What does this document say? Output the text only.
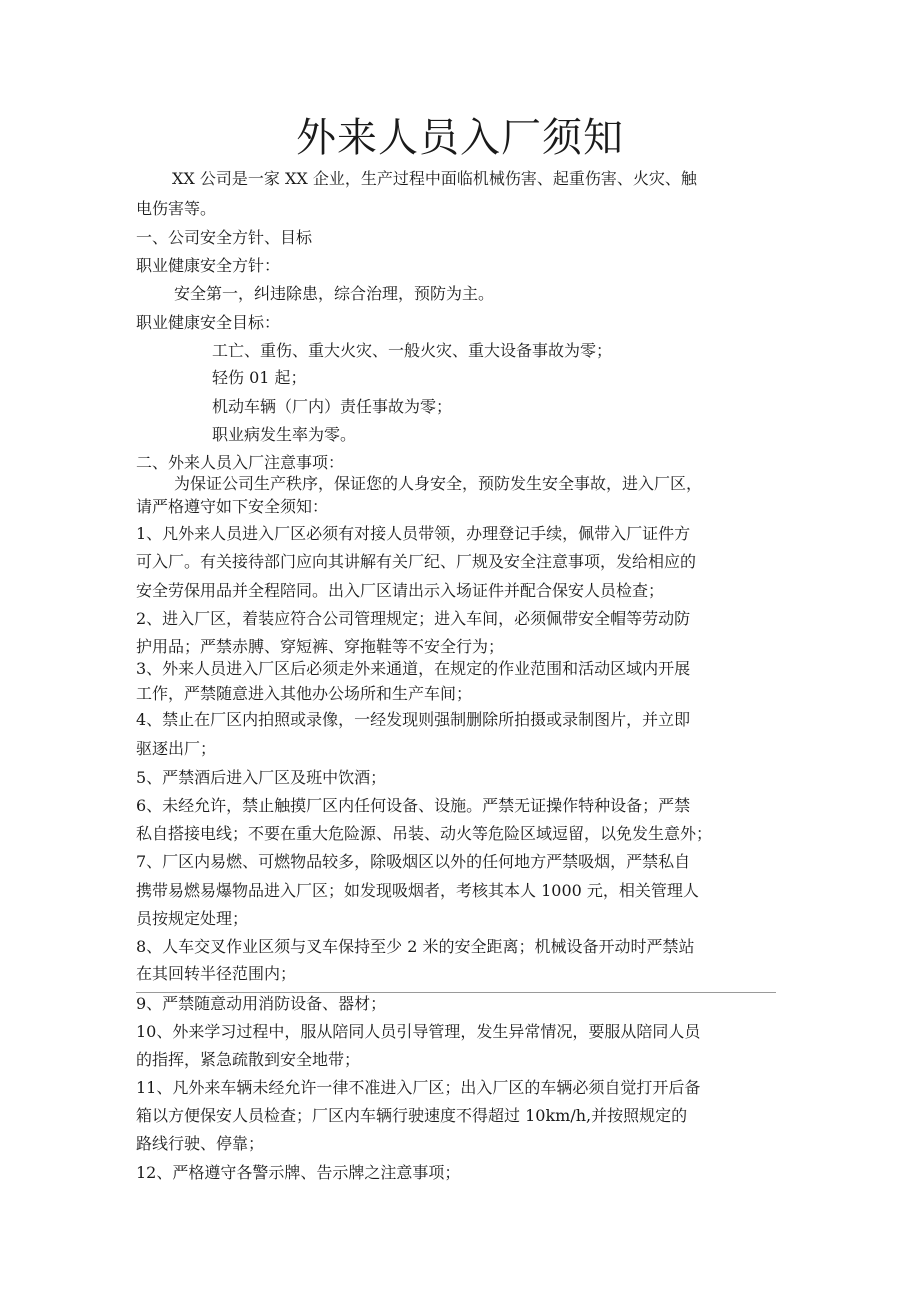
外来人员入厂须知

XX 公司是一家 XX 企业，生产过程中面临机械伤害、起重伤害、火灾、触

电伤害等。

一、公司安全方针、目标

职业健康安全方针：

安全第一，纠违除患，综合治理，预防为主。

职业健康安全目标：

工亡、重伤、重大火灾、一般火灾、重大设备事故为零；

轻伤 01 起；

机动车辆（厂内）责任事故为零；

职业病发生率为零。

二、外来人员入厂注意事项：

为保证公司生产秩序，保证您的人身安全，预防发生安全事故，进入厂区，

请严格遵守如下安全须知：

1、凡外来人员进入厂区必须有对接人员带领，办理登记手续，佩带入厂证件方

可入厂。有关接待部门应向其讲解有关厂纪、厂规及安全注意事项，发给相应的

安全劳保用品并全程陪同。出入厂区请出示入场证件并配合保安人员检查；

2、进入厂区，着装应符合公司管理规定；进入车间，必须佩带安全帽等劳动防

护用品；严禁赤膊、穿短裤、穿拖鞋等不安全行为；

3、外来人员进入厂区后必须走外来通道，在规定的作业范围和活动区域内开展

工作，严禁随意进入其他办公场所和生产车间；

4、禁止在厂区内拍照或录像，一经发现则强制删除所拍摄或录制图片，并立即

驱逐出厂；

5、严禁酒后进入厂区及班中饮酒；

6、未经允许，禁止触摸厂区内任何设备、设施。严禁无证操作特种设备；严禁

私自搭接电线；不要在重大危险源、吊装、动火等危险区域逗留，以免发生意外；

7、厂区内易燃、可燃物品较多，除吸烟区以外的任何地方严禁吸烟，严禁私自

携带易燃易爆物品进入厂区；如发现吸烟者，考核其本人 1000 元，相关管理人

员按规定处理；

8、人车交叉作业区须与叉车保持至少 2 米的安全距离；机械设备开动时严禁站

在其回转半径范围内；

9、严禁随意动用消防设备、器材；

10、外来学习过程中，服从陪同人员引导管理，发生异常情况，要服从陪同人员

的指挥，紧急疏散到安全地带；

11、凡外来车辆未经允许一律不准进入厂区；出入厂区的车辆必须自觉打开后备

箱以方便保安人员检查；厂区内车辆行驶速度不得超过 10km/h,并按照规定的

路线行驶、停靠；

12、严格遵守各警示牌、告示牌之注意事项；
